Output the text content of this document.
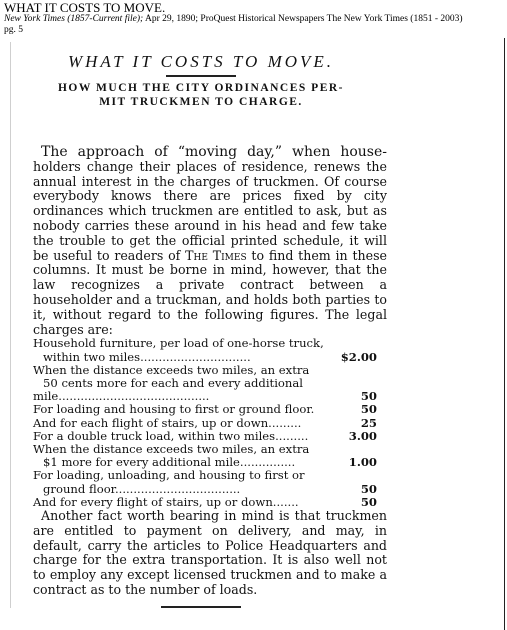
WHAT IT COSTS TO MOVE.
New York Times (1857-Current file); Apr 29, 1890; ProQuest Historical Newspapers The New York Times (1851 - 2003)
pg. 5
WHAT IT COSTS TO MOVE.
HOW MUCH THE CITY ORDINANCES PER-
MIT TRUCKMEN TO CHARGE.
The approach of “moving day,” when house- holders change their places of residence, renews the annual interest in the charges of truckmen. Of course everybody knows there are prices fixed by city ordinances which truckmen are entitled to ask, but as nobody carries these around in his head and few take the trouble to get the official printed schedule, it will be useful to readers of The Times to find them in these columns. It must be borne in mind, however, that the law recognizes a private contract between a householder and a truckman, and holds both parties to it, without regard to the following figures. The legal charges are:
Household furniture, per load of one-horse truck,
within two miles..............................	$2.00
When the distance exceeds two miles, an extra
50 cents more for each and every additional
mile.........................................	50
For loading and housing to first or ground floor.	50
And for each flight of stairs, up or down.........	25
For a double truck load, within two miles.........	3.00
When the distance exceeds two miles, an extra
$1 more for every additional mile...............	1.00
For loading, unloading, and housing to first or
ground floor..................................	50
And for every flight of stairs, up or down.......	50
Another fact worth bearing in mind is that truckmen are entitled to payment on delivery, and may, in default, carry the articles to Police Headquarters and charge for the extra transportation. It is also well not to employ any except licensed truckmen and to make a contract as to the number of loads.
